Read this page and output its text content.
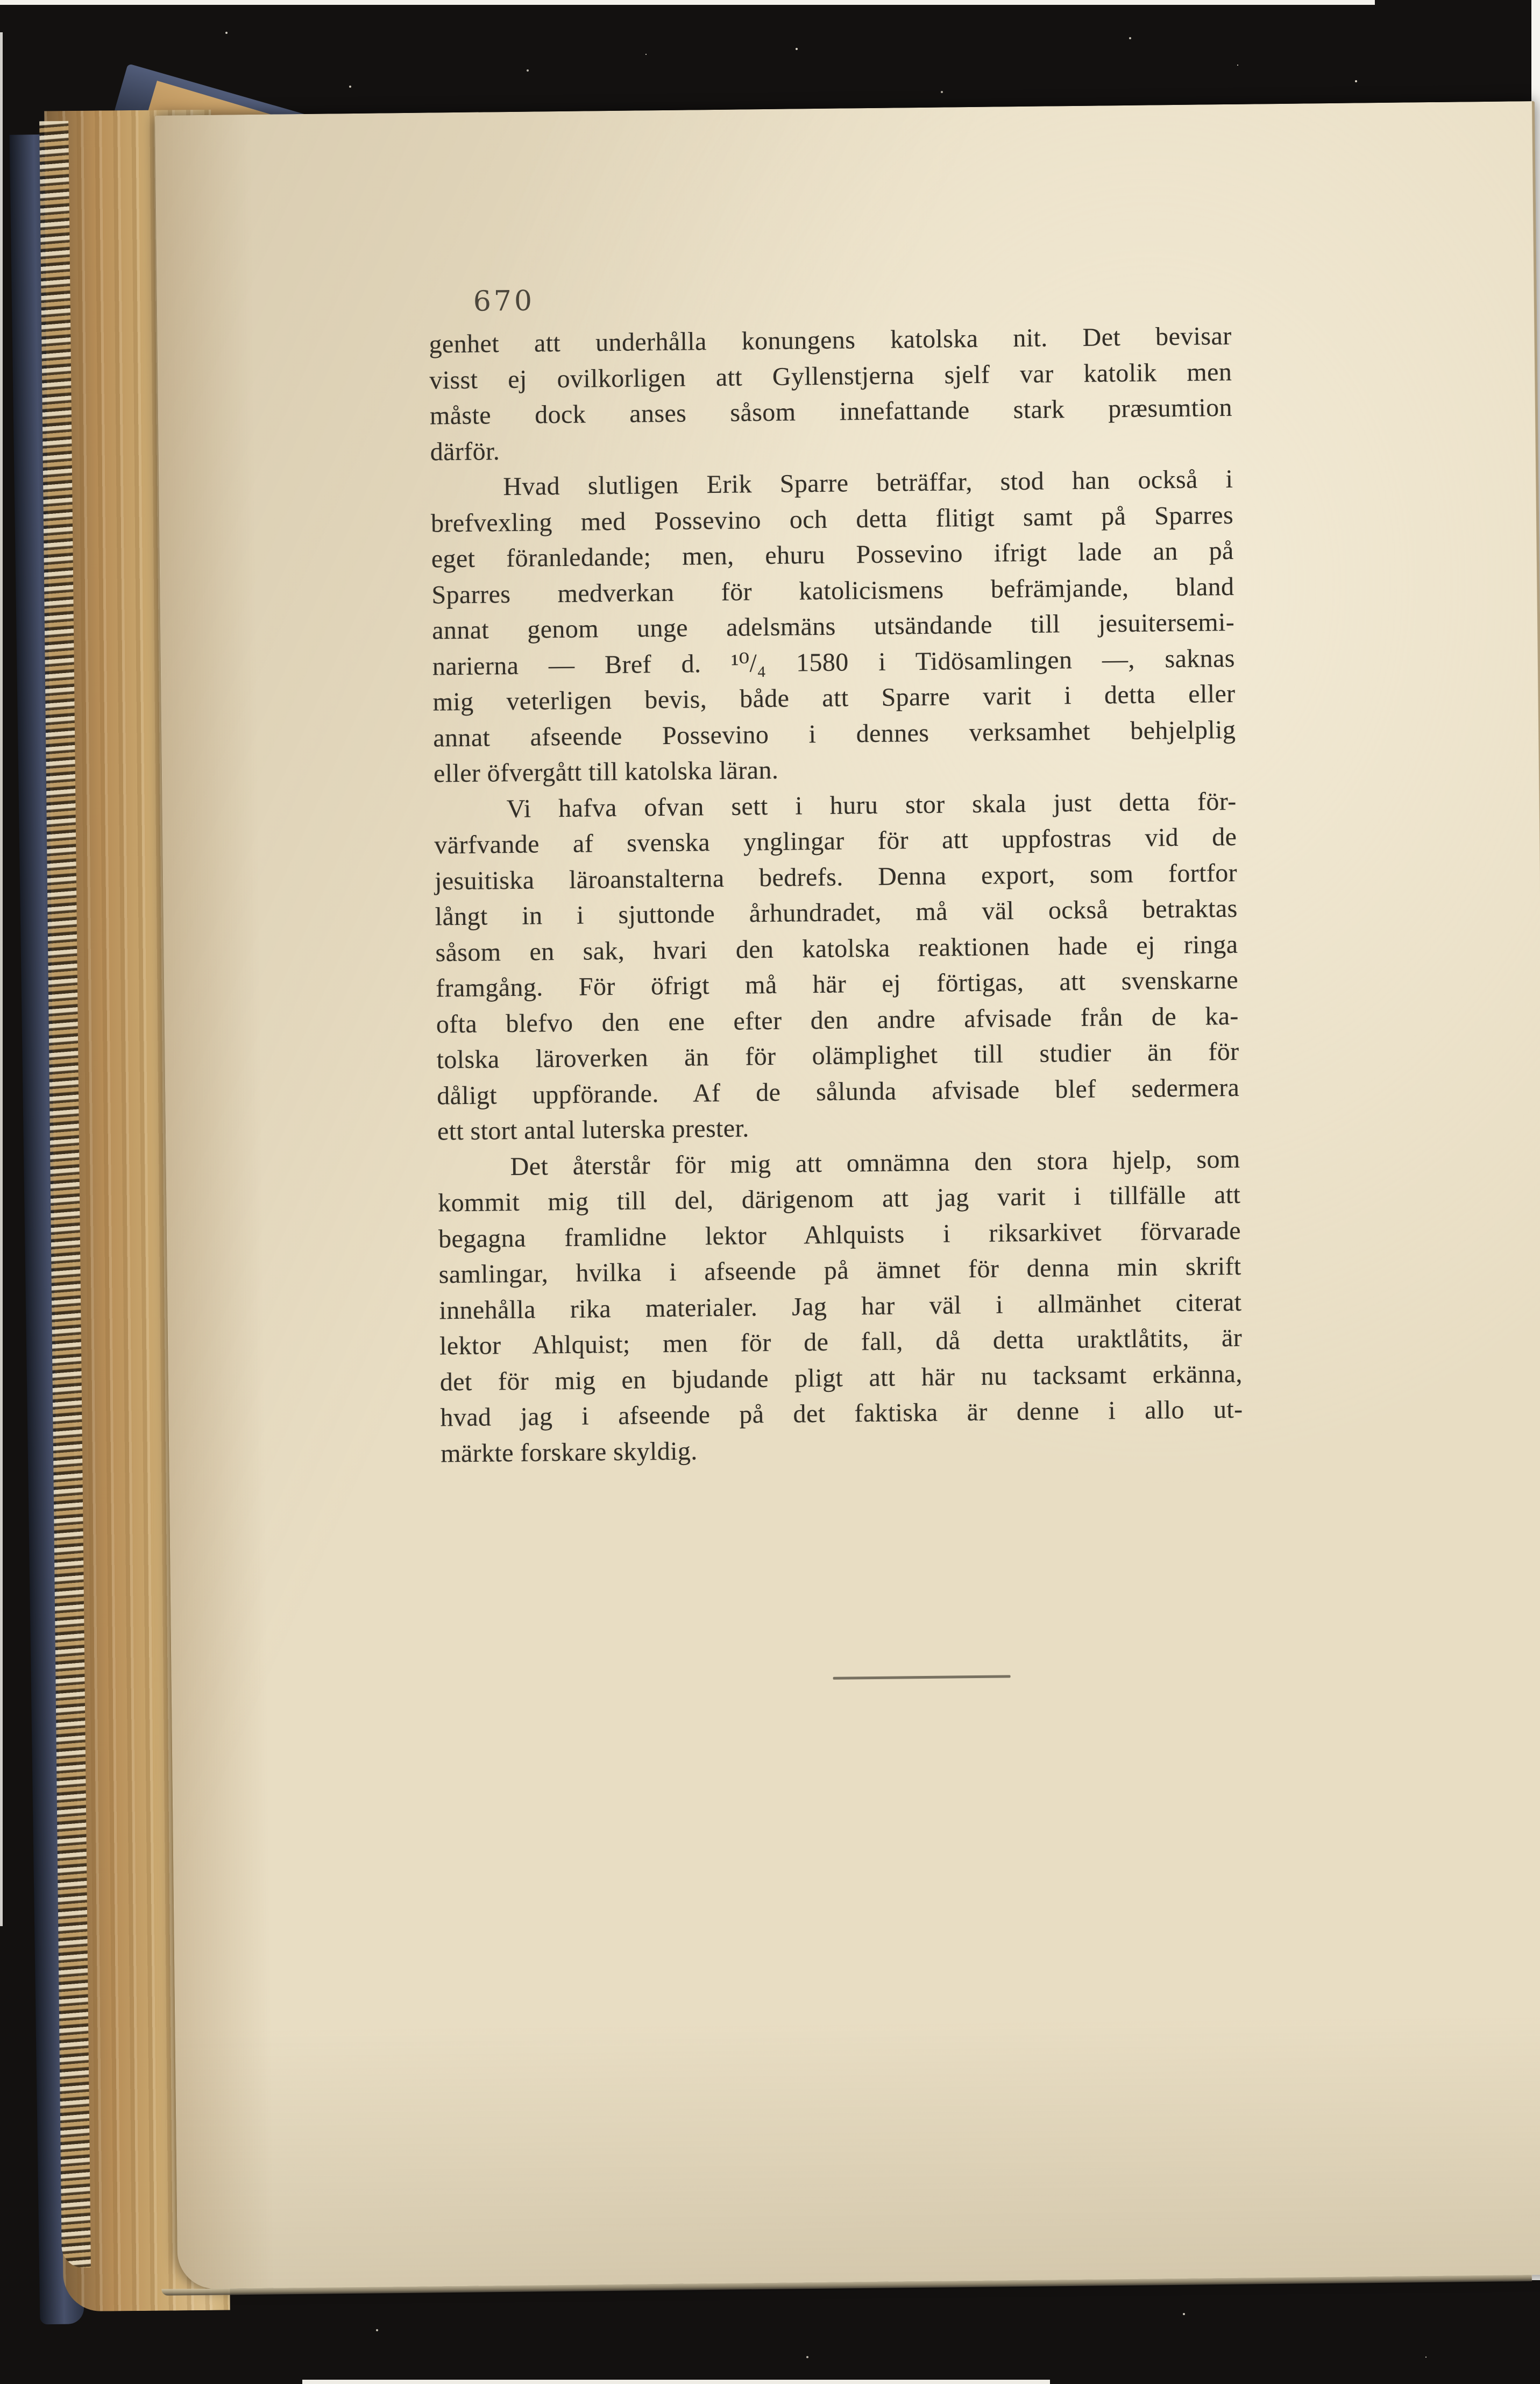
670
genhet att underhålla konungens katolska nit. Det bevisar
visst ej ovilkorligen att Gyllenstjerna sjelf var katolik men
måste dock anses såsom innefattande stark præsumtion
därför.
Hvad slutligen Erik Sparre beträffar, stod han också i
brefvexling med Possevino och detta flitigt samt på Sparres
eget föranledande; men, ehuru Possevino ifrigt lade an på
Sparres medverkan för katolicismens befrämjande, bland
annat genom unge adelsmäns utsändande till jesuitersemi-
narierna — Bref d. ¹⁰/₄ 1580 i Tidösamlingen —, saknas
mig veterligen bevis, både att Sparre varit i detta eller
annat afseende Possevino i dennes verksamhet behjelplig
eller öfvergått till katolska läran.
Vi hafva ofvan sett i huru stor skala just detta för-
värfvande af svenska ynglingar för att uppfostras vid de
jesuitiska läroanstalterna bedrefs. Denna export, som fortfor
långt in i sjuttonde århundradet, må väl också betraktas
såsom en sak, hvari den katolska reaktionen hade ej ringa
framgång. För öfrigt må här ej förtigas, att svenskarne
ofta blefvo den ene efter den andre afvisade från de ka-
tolska läroverken än för olämplighet till studier än för
dåligt uppförande. Af de sålunda afvisade blef sedermera
ett stort antal luterska prester.
Det återstår för mig att omnämna den stora hjelp, som
kommit mig till del, därigenom att jag varit i tillfälle att
begagna framlidne lektor Ahlquists i riksarkivet förvarade
samlingar, hvilka i afseende på ämnet för denna min skrift
innehålla rika materialer. Jag har väl i allmänhet citerat
lektor Ahlquist; men för de fall, då detta uraktlåtits, är
det för mig en bjudande pligt att här nu tacksamt erkänna,
hvad jag i afseende på det faktiska är denne i allo ut-
märkte forskare skyldig.
